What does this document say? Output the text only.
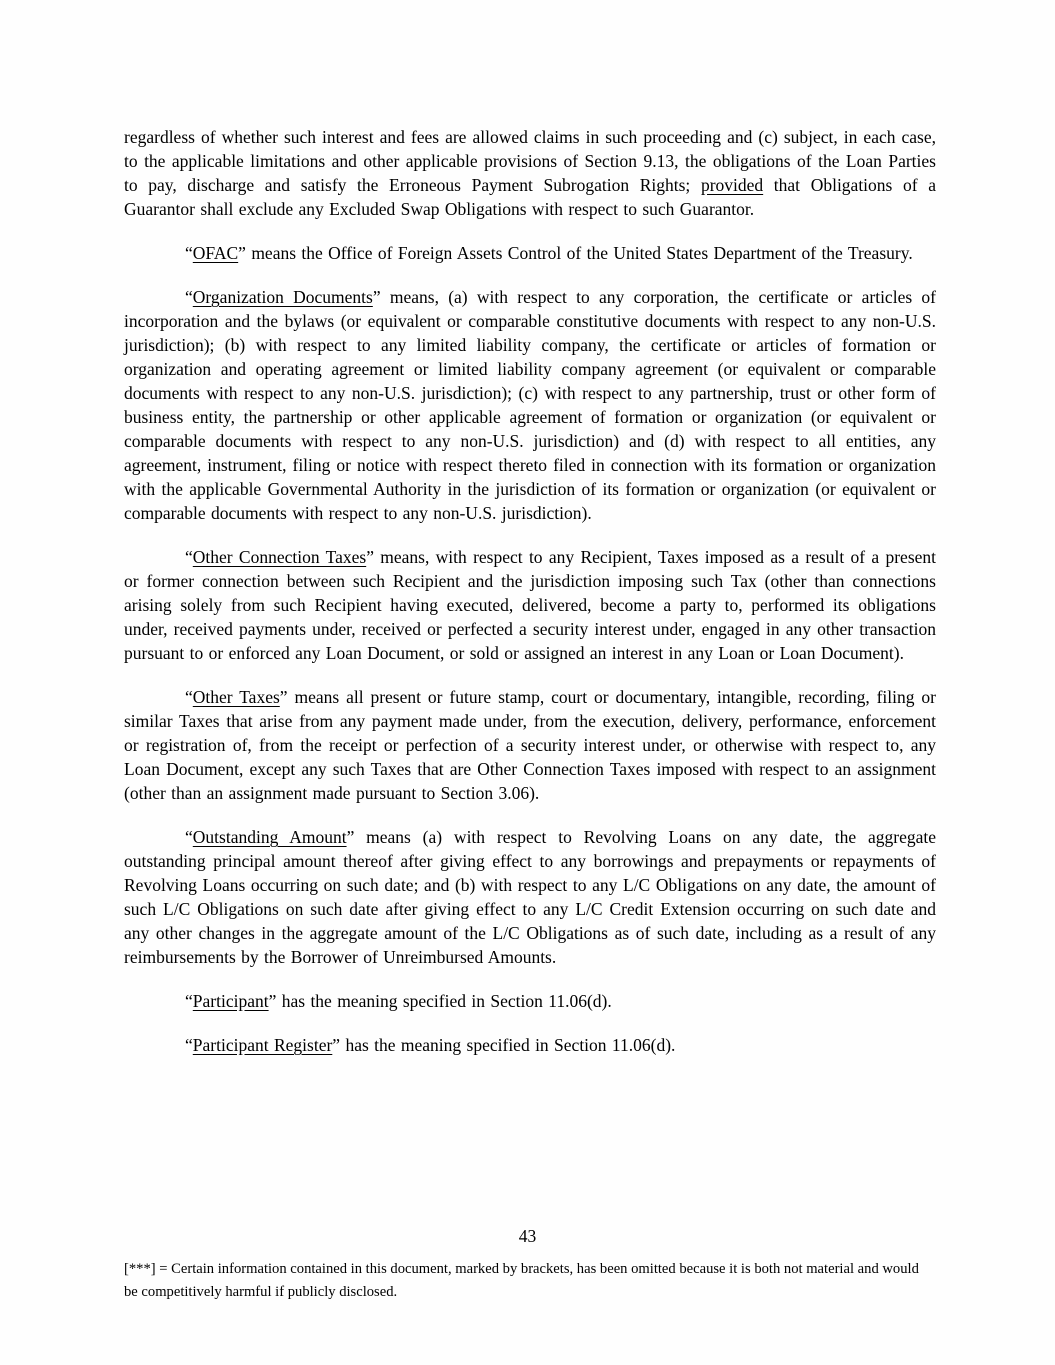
regardless of whether such interest and fees are allowed claims in such proceeding and (c) subject, in each case, to the applicable limitations and other applicable provisions of Section 9.13, the obligations of the Loan Parties to pay, discharge and satisfy the Erroneous Payment Subrogation Rights; provided that Obligations of a Guarantor shall exclude any Excluded Swap Obligations with respect to such Guarantor.

“OFAC” means the Office of Foreign Assets Control of the United States Department of the Treasury.

“Organization Documents” means, (a) with respect to any corporation, the certificate or articles of incorporation and the bylaws (or equivalent or comparable constitutive documents with respect to any non-U.S. jurisdiction); (b) with respect to any limited liability company, the certificate or articles of formation or organization and operating agreement or limited liability company agreement (or equivalent or comparable documents with respect to any non-U.S. jurisdiction); (c) with respect to any partnership, trust or other form of business entity, the partnership or other applicable agreement of formation or organization (or equivalent or comparable documents with respect to any non-U.S. jurisdiction) and (d) with respect to all entities, any agreement, instrument, filing or notice with respect thereto filed in connection with its formation or organization with the applicable Governmental Authority in the jurisdiction of its formation or organization (or equivalent or comparable documents with respect to any non-U.S. jurisdiction).

“Other Connection Taxes” means, with respect to any Recipient, Taxes imposed as a result of a present or former connection between such Recipient and the jurisdiction imposing such Tax (other than connections arising solely from such Recipient having executed, delivered, become a party to, performed its obligations under, received payments under, received or perfected a security interest under, engaged in any other transaction pursuant to or enforced any Loan Document, or sold or assigned an interest in any Loan or Loan Document).

“Other Taxes” means all present or future stamp, court or documentary, intangible, recording, filing or similar Taxes that arise from any payment made under, from the execution, delivery, performance, enforcement or registration of, from the receipt or perfection of a security interest under, or otherwise with respect to, any Loan Document, except any such Taxes that are Other Connection Taxes imposed with respect to an assignment (other than an assignment made pursuant to Section 3.06).

“Outstanding Amount” means (a) with respect to Revolving Loans on any date, the aggregate outstanding principal amount thereof after giving effect to any borrowings and prepayments or repayments of Revolving Loans occurring on such date; and (b) with respect to any L/C Obligations on any date, the amount of such L/C Obligations on such date after giving effect to any L/C Credit Extension occurring on such date and any other changes in the aggregate amount of the L/C Obligations as of such date, including as a result of any reimbursements by the Borrower of Unreimbursed Amounts.

“Participant” has the meaning specified in Section 11.06(d).

“Participant Register” has the meaning specified in Section 11.06(d).

43
[***] = Certain information contained in this document, marked by brackets, has been omitted because it is both not material and would be competitively harmful if publicly disclosed.
